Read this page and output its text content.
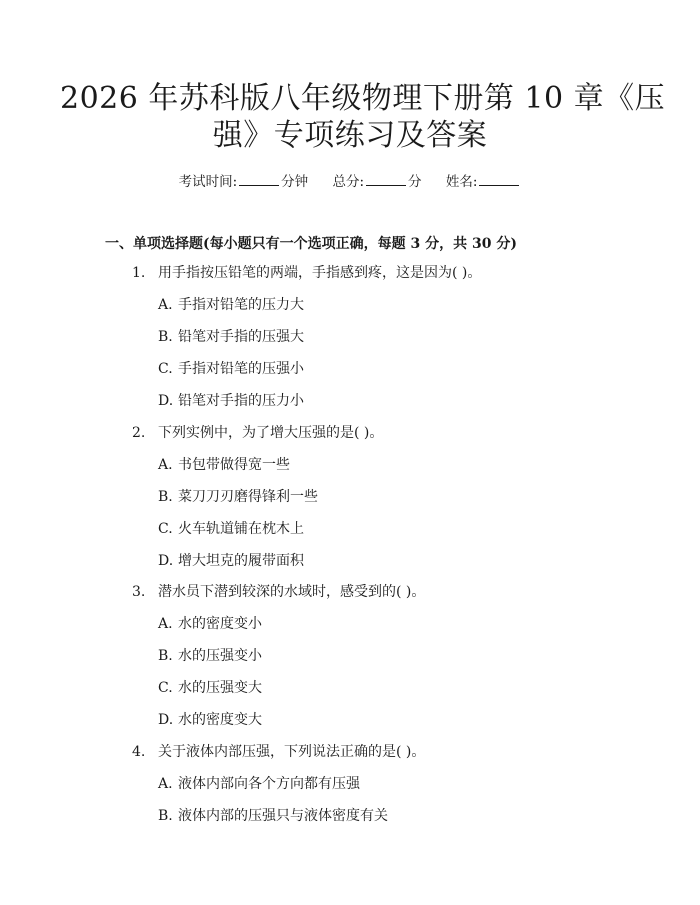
2026 年苏科版八年级物理下册第 10 章《压
强》专项练习及答案
考试时间:	分钟 总分:	分 姓名:
一、单项选择题(每小题只有一个选项正确，每题 3 分，共 30 分)
1. 用手指按压铅笔的两端，手指感到疼，这是因为( )。
A. 手指对铅笔的压力大
B. 铅笔对手指的压强大
C. 手指对铅笔的压强小
D. 铅笔对手指的压力小
2. 下列实例中，为了增大压强的是( )。
A. 书包带做得宽一些
B. 菜刀刀刃磨得锋利一些
C. 火车轨道铺在枕木上
D. 增大坦克的履带面积
3. 潜水员下潜到较深的水域时，感受到的( )。
A. 水的密度变小
B. 水的压强变小
C. 水的压强变大
D. 水的密度变大
4. 关于液体内部压强，下列说法正确的是( )。
A. 液体内部向各个方向都有压强
B. 液体内部的压强只与液体密度有关
